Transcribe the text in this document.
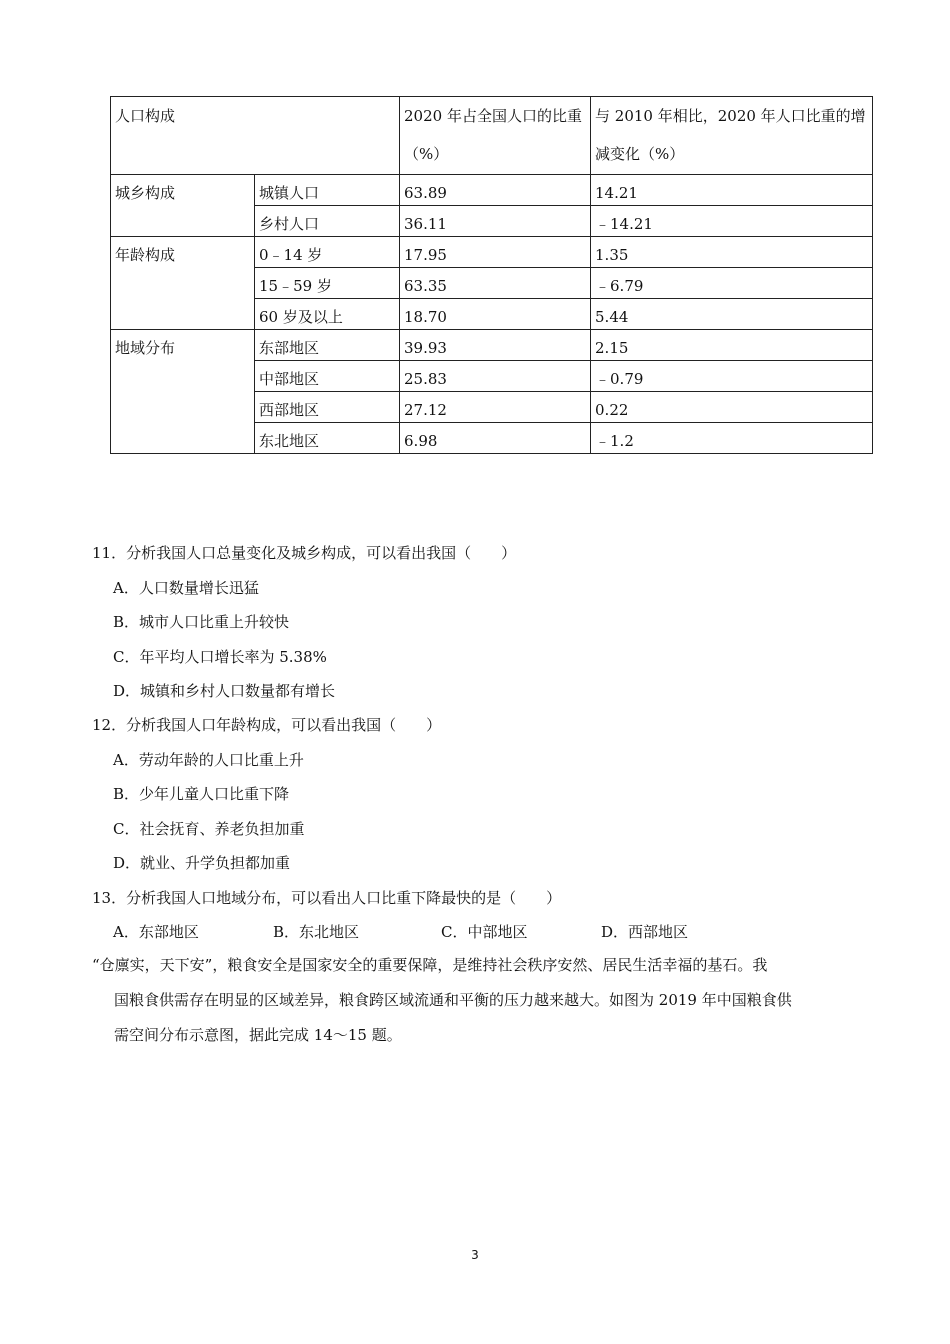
人口构成		2020 年占全国人口的比重（%）	与 2010 年相比，2020 年人口比重的增减变化（%）
城乡构成	城镇人口	63.89	14.21
	乡村人口	36.11	﹣14.21
年龄构成	0﹣14 岁	17.95	1.35
	15﹣59 岁	63.35	﹣6.79
	60 岁及以上	18.70	5.44
地域分布	东部地区	39.93	2.15
	中部地区	25.83	﹣0.79
	西部地区	27.12	0.22
	东北地区	6.98	﹣1.2
11．分析我国人口总量变化及城乡构成，可以看出我国（　　）
A．人口数量增长迅猛
B．城市人口比重上升较快
C．年平均人口增长率为 5.38%
D．城镇和乡村人口数量都有增长
12．分析我国人口年龄构成，可以看出我国（　　）
A．劳动年龄的人口比重上升
B．少年儿童人口比重下降
C．社会抚育、养老负担加重
D．就业、升学负担都加重
13．分析我国人口地域分布，可以看出人口比重下降最快的是（　　）
A．东部地区	B．东北地区	C．中部地区	D．西部地区
“仓廪实，天下安”，粮食安全是国家安全的重要保障，是维持社会秩序安然、居民生活幸福的基石。我
国粮食供需存在明显的区域差异，粮食跨区域流通和平衡的压力越来越大。如图为 2019 年中国粮食供
需空间分布示意图，据此完成 14～15 题。
3
